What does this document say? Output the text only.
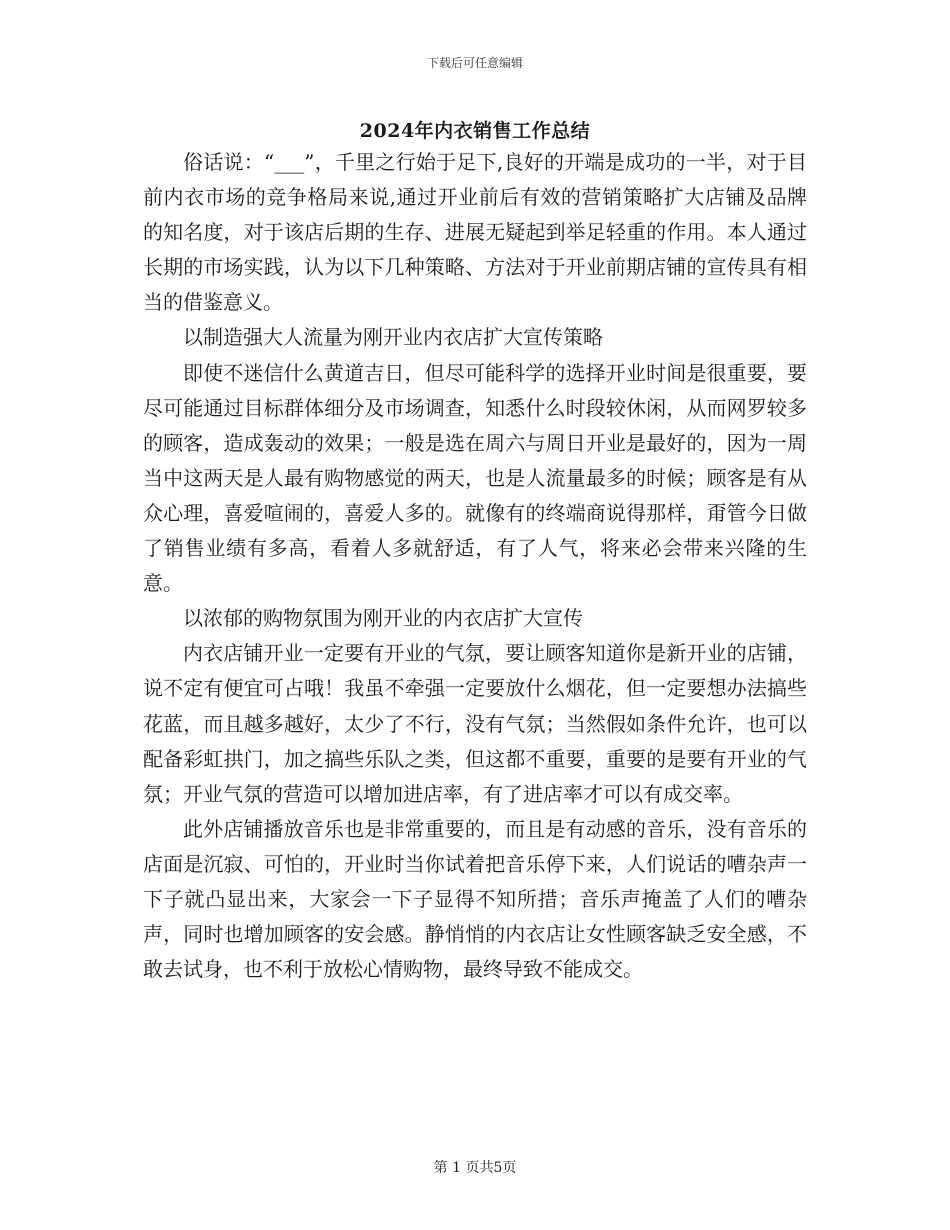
下载后可任意编辑
2024年内衣销售工作总结

俗话说：“___”，千里之行始于足下,良好的开端是成功的一半，对于目前内衣市场的竞争格局来说,通过开业前后有效的营销策略扩大店铺及品牌的知名度，对于该店后期的生存、进展无疑起到举足轻重的作用。本人通过长期的市场实践，认为以下几种策略、方法对于开业前期店铺的宣传具有相当的借鉴意义。

以制造强大人流量为刚开业内衣店扩大宣传策略

即使不迷信什么黄道吉日，但尽可能科学的选择开业时间是很重要，要尽可能通过目标群体细分及市场调查，知悉什么时段较休闲，从而网罗较多的顾客，造成轰动的效果；一般是选在周六与周日开业是最好的，因为一周当中这两天是人最有购物感觉的两天，也是人流量最多的时候；顾客是有从众心理，喜爱喧闹的，喜爱人多的。就像有的终端商说得那样，甭管今日做了销售业绩有多高，看着人多就舒适，有了人气，将来必会带来兴隆的生意。

以浓郁的购物氛围为刚开业的内衣店扩大宣传

内衣店铺开业一定要有开业的气氛，要让顾客知道你是新开业的店铺，说不定有便宜可占哦！我虽不牵强一定要放什么烟花，但一定要想办法搞些花蓝，而且越多越好，太少了不行，没有气氛；当然假如条件允许，也可以配备彩虹拱门，加之搞些乐队之类，但这都不重要，重要的是要有开业的气氛；开业气氛的营造可以增加进店率，有了进店率才可以有成交率。

此外店铺播放音乐也是非常重要的，而且是有动感的音乐，没有音乐的店面是沉寂、可怕的，开业时当你试着把音乐停下来，人们说话的嘈杂声一下子就凸显出来，大家会一下子显得不知所措；音乐声掩盖了人们的嘈杂声，同时也增加顾客的安会感。静悄悄的内衣店让女性顾客缺乏安全感，不敢去试身，也不利于放松心情购物，最终导致不能成交。

第 1 页共5页
